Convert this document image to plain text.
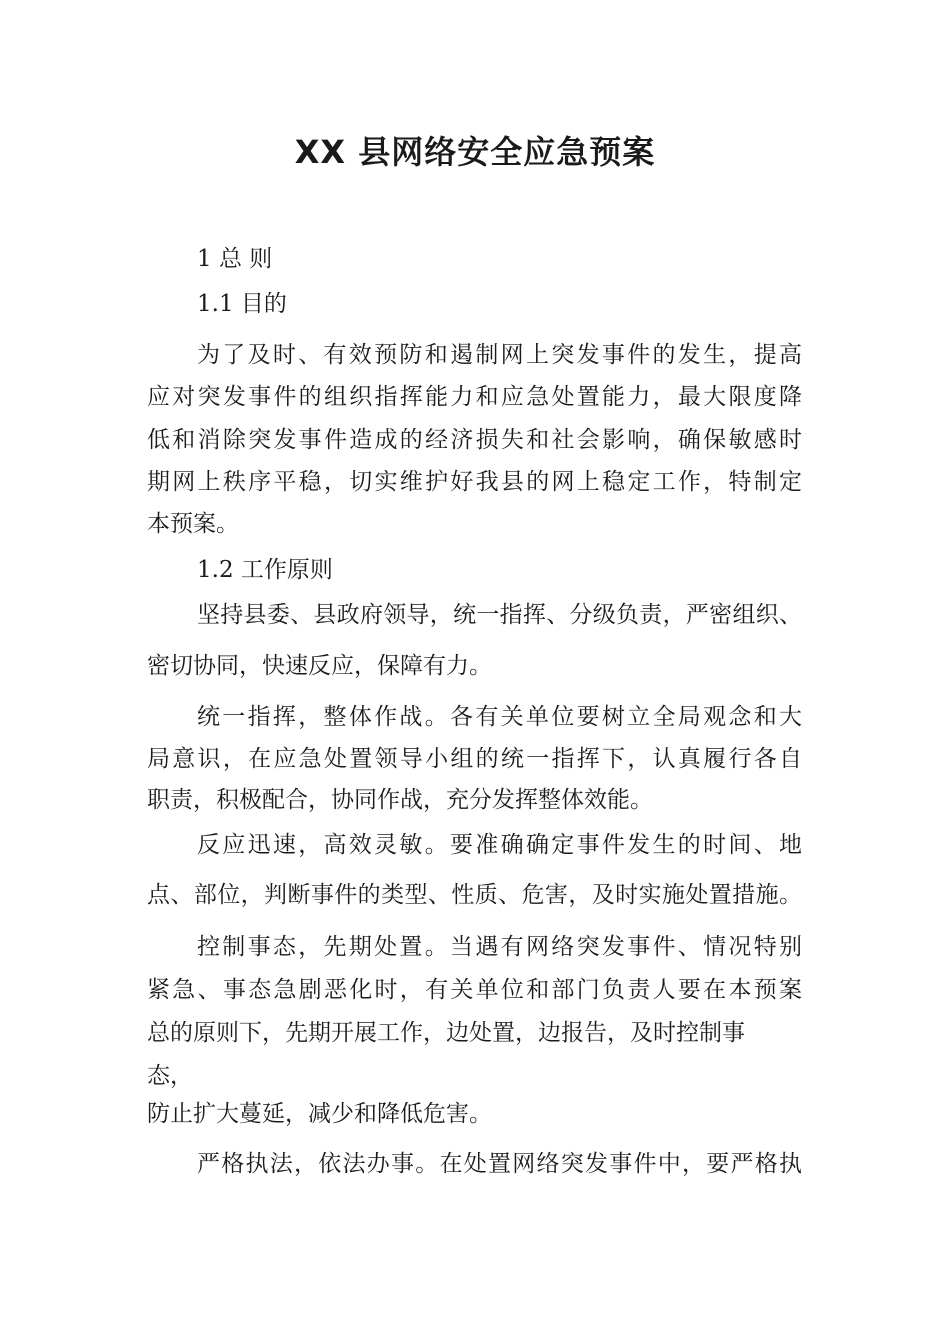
XX 县网络安全应急预案
1 总 则
1.1 目的
为了及时、有效预防和遏制网上突发事件的发生，提高
应对突发事件的组织指挥能力和应急处置能力，最大限度降
低和消除突发事件造成的经济损失和社会影响，确保敏感时
期网上秩序平稳，切实维护好我县的网上稳定工作，特制定
本预案。
1.2 工作原则
坚持县委、县政府领导，统一指挥、分级负责，严密组织、
密切协同，快速反应，保障有力。
统一指挥，整体作战。各有关单位要树立全局观念和大
局意识，在应急处置领导小组的统一指挥下，认真履行各自
职责，积极配合，协同作战，充分发挥整体效能。
反应迅速，高效灵敏。要准确确定事件发生的时间、地
点、部位，判断事件的类型、性质、危害，及时实施处置措施。
控制事态，先期处置。当遇有网络突发事件、情况特别
紧急、事态急剧恶化时，有关单位和部门负责人要在本预案
总的原则下，先期开展工作，边处置，边报告，及时控制事
态，
防止扩大蔓延，减少和降低危害。
严格执法，依法办事。在处置网络突发事件中，要严格执
